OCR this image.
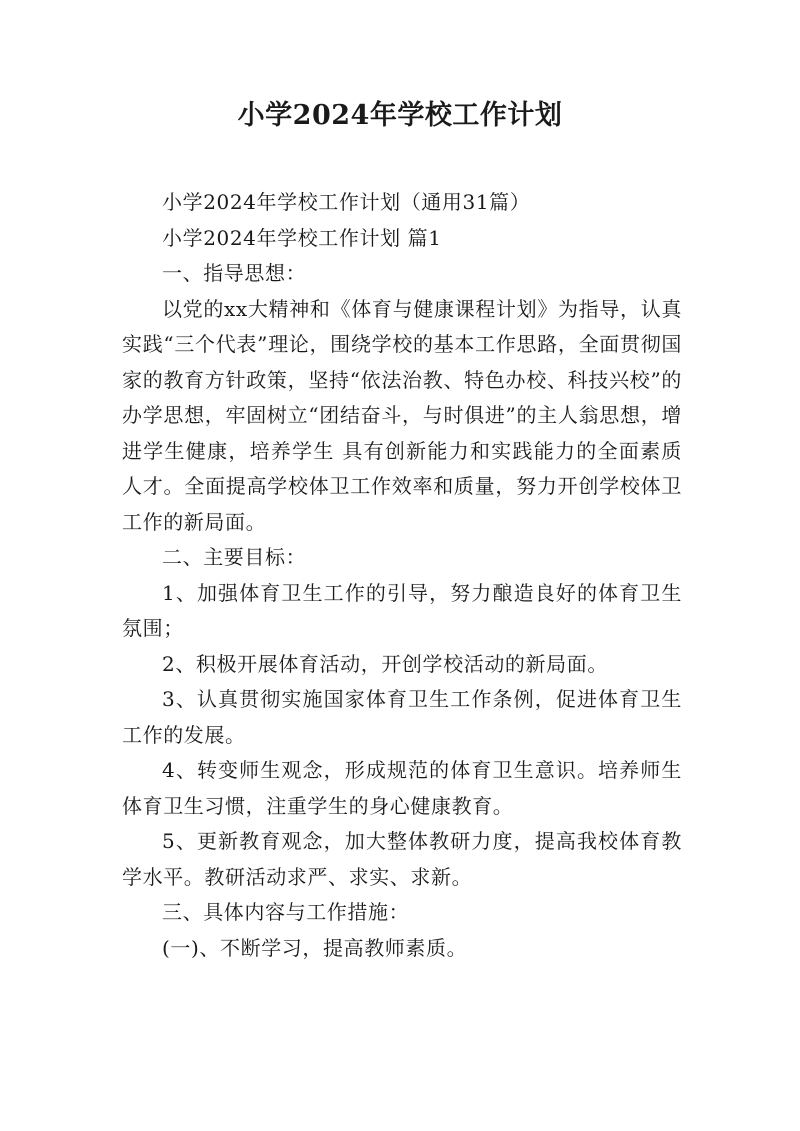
小学2024年学校工作计划

小学2024年学校工作计划（通用31篇）

小学2024年学校工作计划 篇1

一、指导思想：

以党的xx大精神和《体育与健康课程计划》为指导，认真实践“三个代表”理论，围绕学校的基本工作思路，全面贯彻国家的教育方针政策，坚持“依法治教、特色办校、科技兴校”的办学思想，牢固树立“团结奋斗，与时俱进”的主人翁思想，增进学生健康，培养学生 具有创新能力和实践能力的全面素质人才。全面提高学校体卫工作效率和质量，努力开创学校体卫工作的新局面。

二、主要目标：

1、加强体育卫生工作的引导，努力酿造良好的体育卫生氛围；

2、积极开展体育活动，开创学校活动的新局面。

3、认真贯彻实施国家体育卫生工作条例，促进体育卫生工作的发展。

4、转变师生观念，形成规范的体育卫生意识。培养师生体育卫生习惯，注重学生的身心健康教育。

5、更新教育观念，加大整体教研力度，提高我校体育教学水平。教研活动求严、求实、求新。

三、具体内容与工作措施：

(一)、不断学习，提高教师素质。
